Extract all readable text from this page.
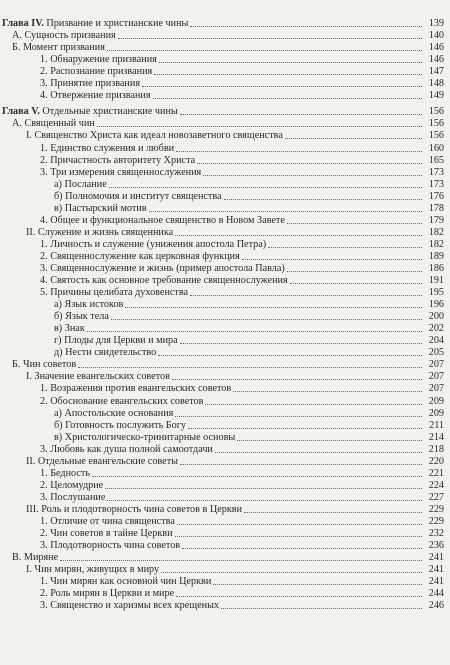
Глава IV. Призвание и христианские чины	139
А. Сущность призвания	140
Б. Момент призвания	146
1. Обнаружение призвания	146
2. Распознание призвания	147
3. Принятие призвания	148
4. Отвержение призвания	149
Глава V. Отдельные христианские чины	156
А. Священный чин	156
I. Священство Христа как идеал новозаветного священства	156
1. Единство служения и любви	160
2. Причастность авторитету Христа	165
3. Три измерения священнослужения	173
а) Послание	173
б) Полномочия и институт священства	176
в) Пастырский мотив	178
4. Общее и функциональное священство в Новом Завете	179
II. Служение и жизнь священника	182
1. Личность и служение (унижения апостола Петра)	182
2. Священнослужение как церковная функция	189
3. Священнослужение и жизнь (пример апостола Павла)	186
4. Святость как основное требование священнослужения	191
5. Причины целибата духовенства	195
а) Язык истоков	196
б) Язык тела	200
в) Знак	202
г) Плоды для Церкви и мира	204
д) Нести свидетельство	205
Б. Чин советов	207
I. Значение евангельских советов	207
1. Возражения против евангельских советов	207
2. Обоснование евангельских советов	209
а) Апостольские основания	209
б) Готовность послужить Богу	211
в) Христологическо-тринитарные основы	214
3. Любовь как душа полной самоотдачи	218
II. Отдельные евангельские советы	220
1. Бедность	221
2. Целомудрие	224
3. Послушание	227
III. Роль и плодотворность чина советов в Церкви	229
1. Отличие от чина священства	229
2. Чин советов в тайне Церкви	232
3. Плодотворность чина советов	236
В. Миряне	241
I. Чин мирян, живущих в миру	241
1. Чин мирян как основной чин Церкви	241
2. Роль мирян в Церкви и мире	244
3. Священство и харизмы всех крещеных	246
